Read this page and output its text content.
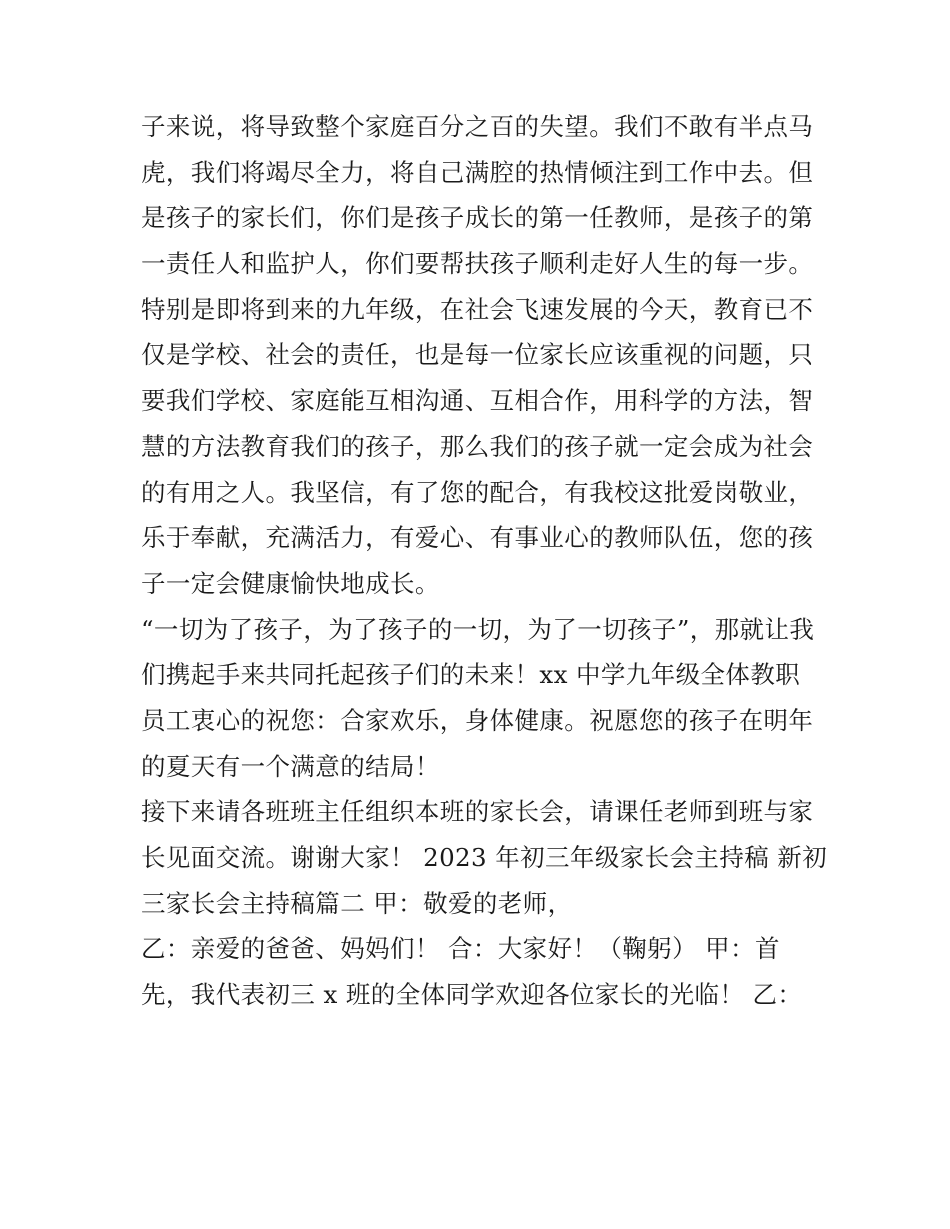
子来说，将导致整个家庭百分之百的失望。我们不敢有半点马
虎，我们将竭尽全力，将自己满腔的热情倾注到工作中去。但
是孩子的家长们，你们是孩子成长的第一任教师，是孩子的第
一责任人和监护人，你们要帮扶孩子顺利走好人生的每一步。
特别是即将到来的九年级，在社会飞速发展的今天，教育已不
仅是学校、社会的责任，也是每一位家长应该重视的问题，只
要我们学校、家庭能互相沟通、互相合作，用科学的方法，智
慧的方法教育我们的孩子，那么我们的孩子就一定会成为社会
的有用之人。我坚信，有了您的配合，有我校这批爱岗敬业，
乐于奉献，充满活力，有爱心、有事业心的教师队伍，您的孩
子一定会健康愉快地成长。
“一切为了孩子，为了孩子的一切，为了一切孩子”，那就让我
们携起手来共同托起孩子们的未来！xx 中学九年级全体教职
员工衷心的祝您：合家欢乐，身体健康。祝愿您的孩子在明年
的夏天有一个满意的结局！
接下来请各班班主任组织本班的家长会，请课任老师到班与家
长见面交流。谢谢大家！ 2023 年初三年级家长会主持稿 新初
三家长会主持稿篇二 甲：敬爱的老师，
乙：亲爱的爸爸、妈妈们！ 合：大家好！（鞠躬） 甲：首
先，我代表初三 x 班的全体同学欢迎各位家长的光临！ 乙：
